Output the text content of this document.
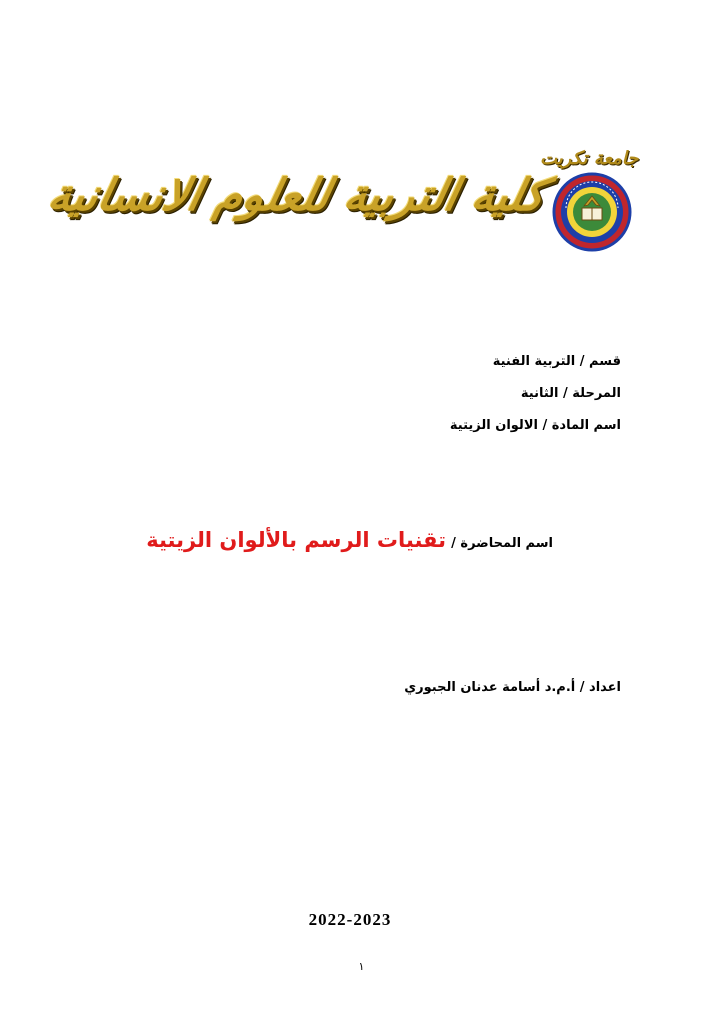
جامعة تكريت
كلية التربية للعلوم الانسانية
قسم / التربية الفنية
المرحلة / الثانية
اسم المادة / الالوان الزيتية
اسم المحاضرة / تقنيات الرسم بالألوان الزيتية
اعداد / أ.م.د أسامة عدنان الجبوري
2022-2023
١
